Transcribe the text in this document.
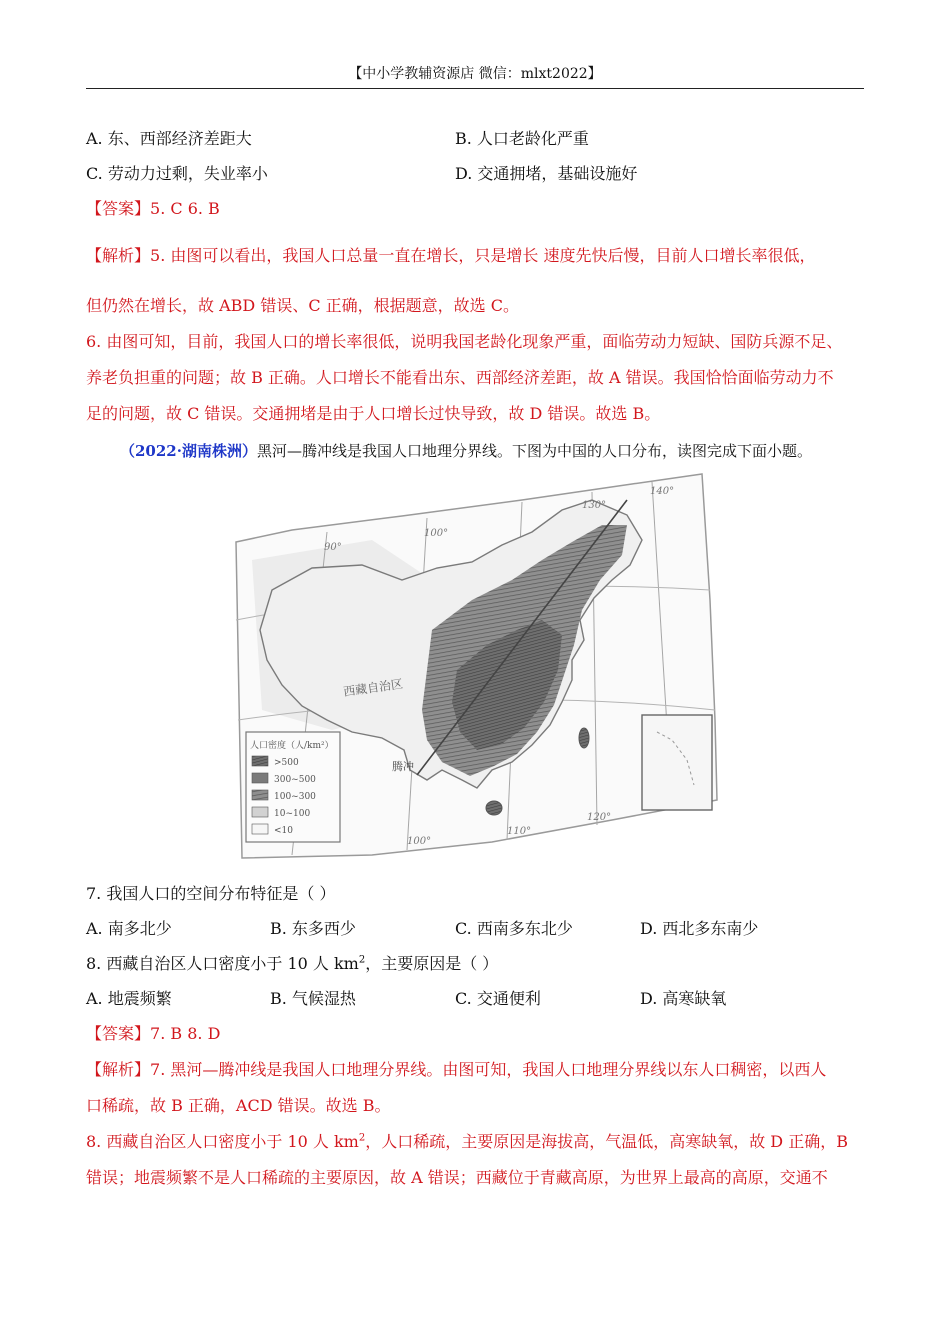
【中小学教辅资源店 微信：mlxt2022】
A. 东、西部经济差距大	B. 人口老龄化严重
C. 劳动力过剩，失业率小	D. 交通拥堵，基础设施好
【答案】5. C 6. B
【解析】5. 由图可以看出，我国人口总量一直在增长，只是增长 速度先快后慢，目前人口增长率很低，
但仍然在增长，故 ABD 错误、C 正确，根据题意，故选 C。
6. 由图可知，目前，我国人口的增长率很低，说明我国老龄化现象严重，面临劳动力短缺、国防兵源不足、
养老负担重的问题；故 B 正确。人口增长不能看出东、西部经济差距，故 A 错误。我国恰恰面临劳动力不
足的问题，故 C 错误。交通拥堵是由于人口增长过快导致，故 D 错误。故选 B。
（2022·湖南株洲）黑河—腾冲线是我国人口地理分界线。下图为中国的人口分布，读图完成下面小题。
人口密度（人/km²）
>500
300~500
100~300
10~100
<10
西藏自治区
腾冲
90°
100°
100°
110°
120°
130°
140°
7. 我国人口的空间分布特征是（ ）
A. 南多北少	B. 东多西少	C. 西南多东北少	D. 西北多东南少
8. 西藏自治区人口密度小于 10 人 $km^2$，主要原因是（ ）
A. 地震频繁	B. 气候湿热	C. 交通便利	D. 高寒缺氧
【答案】7. B 8. D
【解析】7. 黑河—腾冲线是我国人口地理分界线。由图可知，我国人口地理分界线以东人口稠密，以西人
口稀疏，故 B 正确，ACD 错误。故选 B。
8. 西藏自治区人口密度小于 10 人 $km^2$，人口稀疏，主要原因是海拔高，气温低，高寒缺氧，故 D 正确，B
错误；地震频繁不是人口稀疏的主要原因，故 A 错误；西藏位于青藏高原，为世界上最高的高原，交通不
